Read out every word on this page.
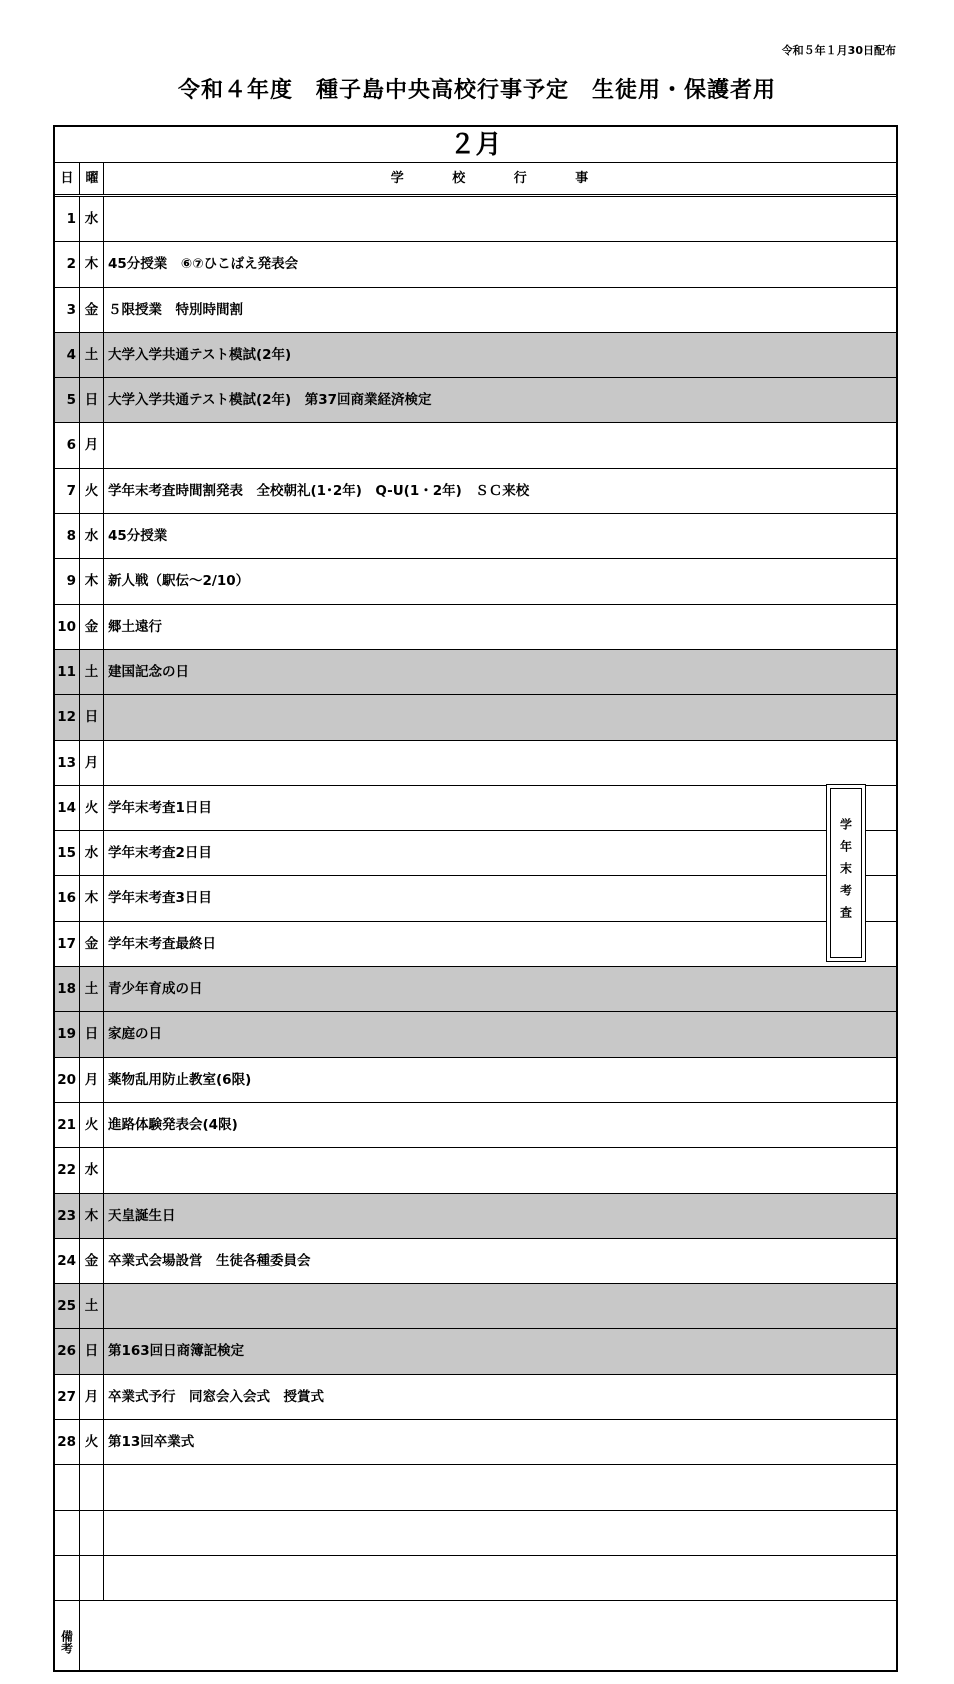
令和５年１月30日配布
令和４年度　種子島中央高校行事予定　生徒用・保護者用
２月
日 曜	学 校 行 事
1 水
2 木 45分授業　⑥⑦ひこばえ発表会
3 金 ５限授業　特別時間割
4 土 大学入学共通テスト模試(2年)
5 日 大学入学共通テスト模試(2年)　第37回商業経済検定
6 月
7 火 学年末考査時間割発表　全校朝礼(1･2年)　Q-U(1・2年)　ＳＣ来校
8 水 45分授業
9 木 新人戦（駅伝～2/10）
10 金 郷土遠行
11 土 建国記念の日
12 日
13 月
14 火 学年末考査1日目
15 水 学年末考査2日目
16 木 学年末考査3日目
17 金 学年末考査最終日
18 土 青少年育成の日
19 日 家庭の日
20 月 薬物乱用防止教室(6限)
21 火 進路体験発表会(4限)
22 水
23 木 天皇誕生日
24 金 卒業式会場設営　生徒各種委員会
25 土
26 日 第163回日商簿記検定
27 月 卒業式予行　同窓会入会式　授賞式
28 火 第13回卒業式
学年末考査
備考
